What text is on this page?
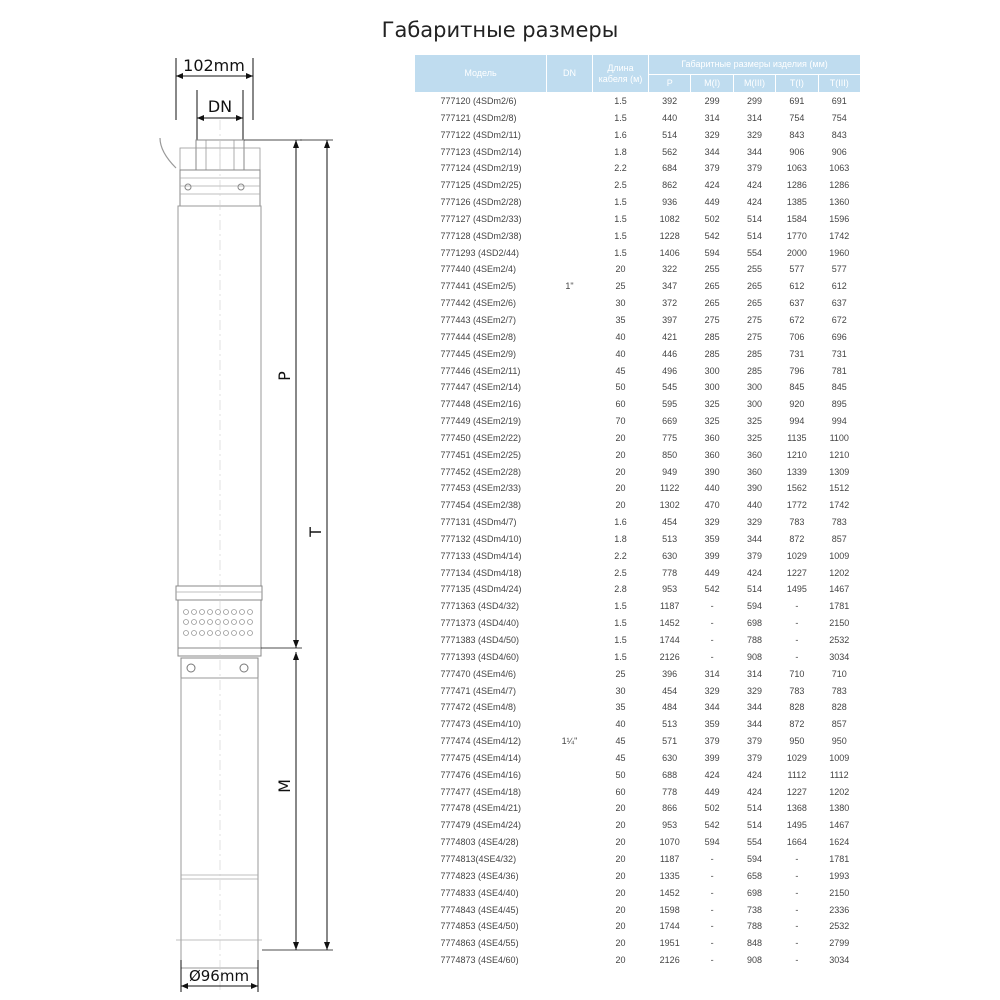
Габаритные размеры
102mm
DN
P
T
M
Ø96mm
Модель	DN	Длина кабеля (м)	Габаритные размеры изделия (мм)				
			P	M(I)	M(III)	T(I)	T(III)
777120 (4SDm2/6)		1.5	392	299	299	691	691
777121 (4SDm2/8)		1.5	440	314	314	754	754
777122 (4SDm2/11)		1.6	514	329	329	843	843
777123 (4SDm2/14)		1.8	562	344	344	906	906
777124 (4SDm2/19)		2.2	684	379	379	1063	1063
777125 (4SDm2/25)		2.5	862	424	424	1286	1286
777126 (4SDm2/28)		1.5	936	449	424	1385	1360
777127 (4SDm2/33)		1.5	1082	502	514	1584	1596
777128 (4SDm2/38)		1.5	1228	542	514	1770	1742
7771293 (4SD2/44)		1.5	1406	594	554	2000	1960
777440 (4SEm2/4)		20	322	255	255	577	577
777441 (4SEm2/5)	1"	25	347	265	265	612	612
777442 (4SEm2/6)		30	372	265	265	637	637
777443 (4SEm2/7)		35	397	275	275	672	672
777444 (4SEm2/8)		40	421	285	275	706	696
777445 (4SEm2/9)		40	446	285	285	731	731
777446 (4SEm2/11)		45	496	300	285	796	781
777447 (4SEm2/14)		50	545	300	300	845	845
777448 (4SEm2/16)		60	595	325	300	920	895
777449 (4SEm2/19)		70	669	325	325	994	994
777450 (4SEm2/22)		20	775	360	325	1135	1100
777451 (4SEm2/25)		20	850	360	360	1210	1210
777452 (4SEm2/28)		20	949	390	360	1339	1309
777453 (4SEm2/33)		20	1122	440	390	1562	1512
777454 (4SEm2/38)		20	1302	470	440	1772	1742
777131 (4SDm4/7)		1.6	454	329	329	783	783
777132 (4SDm4/10)		1.8	513	359	344	872	857
777133 (4SDm4/14)		2.2	630	399	379	1029	1009
777134 (4SDm4/18)		2.5	778	449	424	1227	1202
777135 (4SDm4/24)		2.8	953	542	514	1495	1467
7771363 (4SD4/32)		1.5	1187	-	594	-	1781
7771373 (4SD4/40)		1.5	1452	-	698	-	2150
7771383 (4SD4/50)		1.5	1744	-	788	-	2532
7771393 (4SD4/60)		1.5	2126	-	908	-	3034
777470 (4SEm4/6)		25	396	314	314	710	710
777471 (4SEm4/7)		30	454	329	329	783	783
777472 (4SEm4/8)		35	484	344	344	828	828
777473 (4SEm4/10)		40	513	359	344	872	857
777474 (4SEm4/12)	1¼"	45	571	379	379	950	950
777475 (4SEm4/14)		45	630	399	379	1029	1009
777476 (4SEm4/16)		50	688	424	424	1112	1112
777477 (4SEm4/18)		60	778	449	424	1227	1202
777478 (4SEm4/21)		20	866	502	514	1368	1380
777479 (4SEm4/24)		20	953	542	514	1495	1467
7774803 (4SE4/28)		20	1070	594	554	1664	1624
7774813(4SE4/32)		20	1187	-	594	-	1781
7774823 (4SE4/36)		20	1335	-	658	-	1993
7774833 (4SE4/40)		20	1452	-	698	-	2150
7774843 (4SE4/45)		20	1598	-	738	-	2336
7774853 (4SE4/50)		20	1744	-	788	-	2532
7774863 (4SE4/55)		20	1951	-	848	-	2799
7774873 (4SE4/60)		20	2126	-	908	-	3034
